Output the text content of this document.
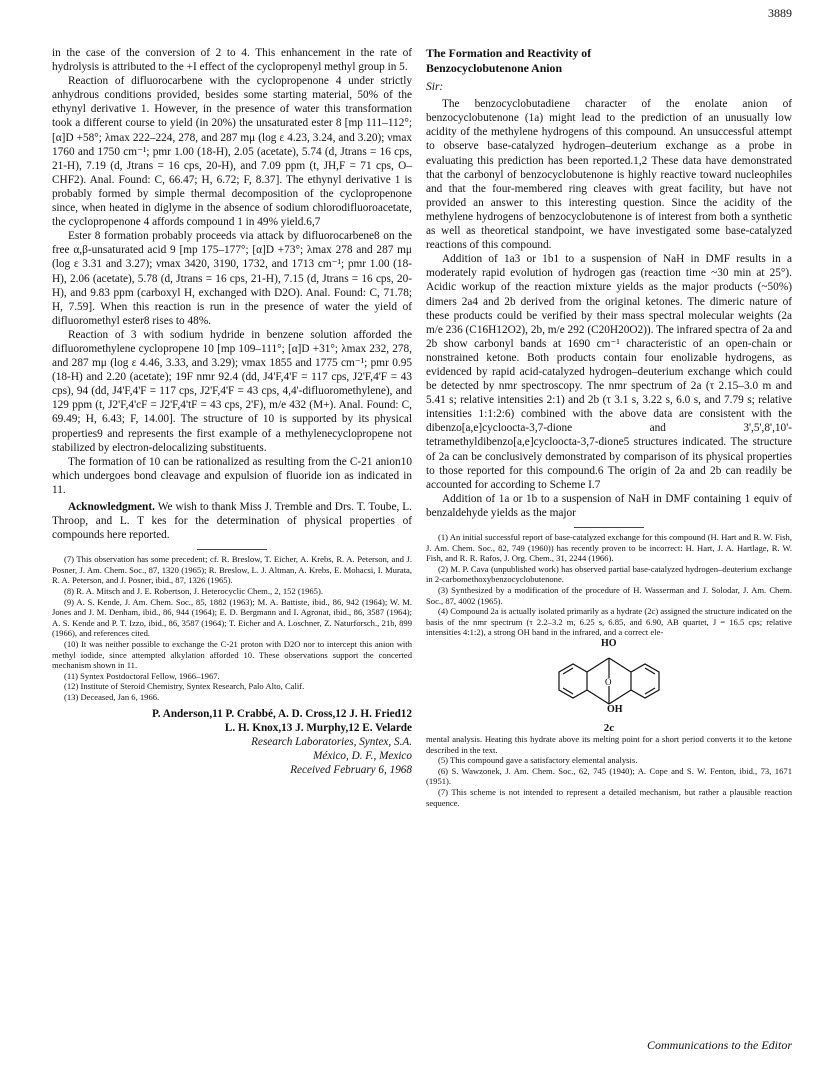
3889

in the case of the conversion of 2 to 4. This enhancement in the rate of hydrolysis is attributed to the +I effect of the cyclopropenyl methyl group in 5.

Reaction of difluorocarbene with the cyclopropenone 4 under strictly anhydrous conditions provided, besides some starting material, 50% of the ethynyl derivative 1. However, in the presence of water this transformation took a different course to yield (in 20%) the unsaturated ester 8 [mp 111–112°; [α]D +58°; λmax 222–224, 278, and 287 mμ (log ε 4.23, 3.24, and 3.20); νmax 1760 and 1750 cm⁻¹; pmr 1.00 (18-H), 2.05 (acetate), 5.74 (d, Jtrans = 16 cps, 21-H), 7.19 (d, Jtrans = 16 cps, 20-H), and 7.09 ppm (t, JH,F = 71 cps, O–CHF2). Anal. Found: C, 66.47; H, 6.72; F, 8.37]. The ethynyl derivative 1 is probably formed by simple thermal decomposition of the cyclopropenone since, when heated in diglyme in the absence of sodium chlorodifluoroacetate, the cyclopropenone 4 affords compound 1 in 49% yield.6,7

Ester 8 formation probably proceeds via attack by difluorocarbene8 on the free α,β-unsaturated acid 9 [mp 175–177°; [α]D +73°; λmax 278 and 287 mμ (log ε 3.31 and 3.27); νmax 3420, 3190, 1732, and 1713 cm⁻¹; pmr 1.00 (18-H), 2.06 (acetate), 5.78 (d, Jtrans = 16 cps, 21-H), 7.15 (d, Jtrans = 16 cps, 20-H), and 9.83 ppm (carboxyl H, exchanged with D2O). Anal. Found: C, 71.78; H, 7.59]. When this reaction is run in the presence of water the yield of difluoromethyl ester8 rises to 48%.

Reaction of 3 with sodium hydride in benzene solution afforded the difluoromethylene cyclopropene 10 [mp 109–111°; [α]D +31°; λmax 232, 278, and 287 mμ (log ε 4.46, 3.33, and 3.29); νmax 1855 and 1775 cm⁻¹; pmr 0.95 (18-H) and 2.20 (acetate); 19F nmr 92.4 (dd, J4'F,4'F = 117 cps, J2'F,4'F = 43 cps), 94 (dd, J4'F,4'F = 117 cps, J2'F,4'F = 43 cps, 4,4'-difluoromethylene), and 129 ppm (t, J2'F,4'cF = J2'F,4'tF = 43 cps, 2'F), m/e 432 (M+). Anal. Found: C, 69.49; H, 6.43; F, 14.00]. The structure of 10 is supported by its physical properties9 and represents the first example of a methylenecyclopropene not stabilized by electron-delocalizing substituents.

The formation of 10 can be rationalized as resulting from the C-21 anion10 which undergoes bond cleavage and expulsion of fluoride ion as indicated in 11.

Acknowledgment. We wish to thank Miss J. Tremble and Drs. T. Toube, L. Throop, and L. T kes for the determination of physical properties of compounds here reported.

(7) This observation has some precedent; cf. R. Breslow, T. Eicher, A. Krebs, R. A. Peterson, and J. Posner, J. Am. Chem. Soc., 87, 1320 (1965); R. Breslow, L. J. Altman, A. Krebs, E. Mohacsi, I. Murata, R. A. Peterson, and J. Posner, ibid., 87, 1326 (1965).

(8) R. A. Mitsch and J. E. Robertson, J. Heterocyclic Chem., 2, 152 (1965).

(9) A. S. Kende, J. Am. Chem. Soc., 85, 1882 (1963); M. A. Battiste, ibid., 86, 942 (1964); W. M. Jones and J. M. Denham, ibid., 86, 944 (1964); E. D. Bergmann and I. Agronat, ibid., 86, 3587 (1964); A. S. Kende and P. T. Izzo, ibid., 86, 3587 (1964); T. Eicher and A. Loschner, Z. Naturforsch., 21b, 899 (1966), and references cited.

(10) It was neither possible to exchange the C-21 proton with D2O nor to intercept this anion with methyl iodide, since attempted alkylation afforded 10. These observations support the concerted mechanism shown in 11.

(11) Syntex Postdoctoral Fellow, 1966–1967.

(12) Institute of Steroid Chemistry, Syntex Research, Palo Alto, Calif.

(13) Deceased, Jan 6, 1966.

P. Anderson,11 P. Crabbé, A. D. Cross,12 J. H. Fried12
L. H. Knox,13 J. Murphy,12 E. Velarde
Research Laboratories, Syntex, S.A.
México, D. F., Mexico
Received February 6, 1968
The Formation and Reactivity of
Benzocyclobutenone Anion
Sir:

The benzocyclobutadiene character of the enolate anion of benzocyclobutenone (1a) might lead to the prediction of an unusually low acidity of the methylene hydrogens of this compound. An unsuccessful attempt to observe base-catalyzed hydrogen–deuterium exchange as a probe in evaluating this prediction has been reported.1,2 These data have demonstrated that the carbonyl of benzocyclobutenone is highly reactive toward nucleophiles and that the four-membered ring cleaves with great facility, but have not provided an answer to this interesting question. Since the acidity of the methylene hydrogens of benzocyclobutenone is of interest from both a synthetic as well as theoretical standpoint, we have investigated some base-catalyzed reactions of this compound.

Addition of 1a3 or 1b1 to a suspension of NaH in DMF results in a moderately rapid evolution of hydrogen gas (reaction time ~30 min at 25°). Acidic workup of the reaction mixture yields as the major products (~50%) dimers 2a4 and 2b derived from the original ketones. The dimeric nature of these products could be verified by their mass spectral molecular weights (2a m/e 236 (C16H12O2), 2b, m/e 292 (C20H20O2)). The infrared spectra of 2a and 2b show carbonyl bands at 1690 cm⁻¹ characteristic of an open-chain or nonstrained ketone. Both products contain four enolizable hydrogens, as evidenced by rapid acid-catalyzed hydrogen–deuterium exchange which could be detected by nmr spectroscopy. The nmr spectrum of 2a (τ 2.15–3.0 m and 5.41 s; relative intensities 2:1) and 2b (τ 3.1 s, 3.22 s, 6.0 s, and 7.79 s; relative intensities 1:1:2:6) combined with the above data are consistent with the dibenzo[a,e]cycloocta-3,7-dione and 3',5',8',10'-tetramethyldibenzo[a,e]cycloocta-3,7-dione5 structures indicated. The structure of 2a can be conclusively demonstrated by comparison of its physical properties to those reported for this compound.6 The origin of 2a and 2b can readily be accounted for according to Scheme I.7

Addition of 1a or 1b to a suspension of NaH in DMF containing 1 equiv of benzaldehyde yields as the major

(1) An initial successful report of base-catalyzed exchange for this compound (H. Hart and R. W. Fish, J. Am. Chem. Soc., 82, 749 (1960)) has recently proven to be incorrect: H. Hart, J. A. Hartlage, R. W. Fish, and R. R. Rafos, J. Org. Chem., 31, 2244 (1966).

(2) M. P. Cava (unpublished work) has observed partial base-catalyzed hydrogen–deuterium exchange in 2-carbomethoxybenzocyclobutenone.

(3) Synthesized by a modification of the procedure of H. Wasserman and J. Solodar, J. Am. Chem. Soc., 87, 4002 (1965).

(4) Compound 2a is actually isolated primarily as a hydrate (2c) assigned the structure indicated on the basis of the nmr spectrum (τ 2.2–3.2 m, 6.25 s, 6.85, and 6.90, AB quartet, J = 16.5 cps; relative intensities 4:1:2), a strong OH band in the infrared, and a correct ele-

HO
O
OH
2c

mental analysis. Heating this hydrate above its melting point for a short period converts it to the ketone described in the text.

(5) This compound gave a satisfactory elemental analysis.

(6) S. Wawzonek, J. Am. Chem. Soc., 62, 745 (1940); A. Cope and S. W. Fenton, ibid., 73, 1671 (1951).

(7) This scheme is not intended to represent a detailed mechanism, but rather a plausible reaction sequence.

Communications to the Editor
